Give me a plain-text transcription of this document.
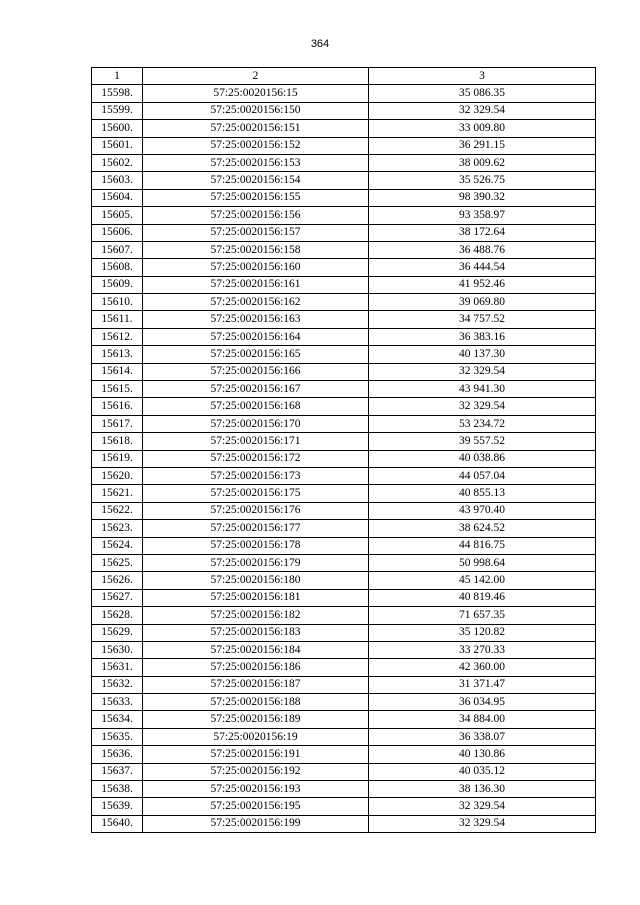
364
1	2	3
15598.	57:25:0020156:15	35 086.35
15599.	57:25:0020156:150	32 329.54
15600.	57:25:0020156:151	33 009.80
15601.	57:25:0020156:152	36 291.15
15602.	57:25:0020156:153	38 009.62
15603.	57:25:0020156:154	35 526.75
15604.	57:25:0020156:155	98 390.32
15605.	57:25:0020156:156	93 358.97
15606.	57:25:0020156:157	38 172.64
15607.	57:25:0020156:158	36 488.76
15608.	57:25:0020156:160	36 444.54
15609.	57:25:0020156:161	41 952.46
15610.	57:25:0020156:162	39 069.80
15611.	57:25:0020156:163	34 757.52
15612.	57:25:0020156:164	36 383.16
15613.	57:25:0020156:165	40 137.30
15614.	57:25:0020156:166	32 329.54
15615.	57:25:0020156:167	43 941.30
15616.	57:25:0020156:168	32 329.54
15617.	57:25:0020156:170	53 234.72
15618.	57:25:0020156:171	39 557.52
15619.	57:25:0020156:172	40 038.86
15620.	57:25:0020156:173	44 057.04
15621.	57:25:0020156:175	40 855.13
15622.	57:25:0020156:176	43 970.40
15623.	57:25:0020156:177	38 624.52
15624.	57:25:0020156:178	44 816.75
15625.	57:25:0020156:179	50 998.64
15626.	57:25:0020156:180	45 142.00
15627.	57:25:0020156:181	40 819.46
15628.	57:25:0020156:182	71 657.35
15629.	57:25:0020156:183	35 120.82
15630.	57:25:0020156:184	33 270.33
15631.	57:25:0020156:186	42 360.00
15632.	57:25:0020156:187	31 371.47
15633.	57:25:0020156:188	36 034.95
15634.	57:25:0020156:189	34 884.00
15635.	57:25:0020156:19	36 338.07
15636.	57:25:0020156:191	40 130.86
15637.	57:25:0020156:192	40 035.12
15638.	57:25:0020156:193	38 136.30
15639.	57:25:0020156:195	32 329.54
15640.	57:25:0020156:199	32 329.54
